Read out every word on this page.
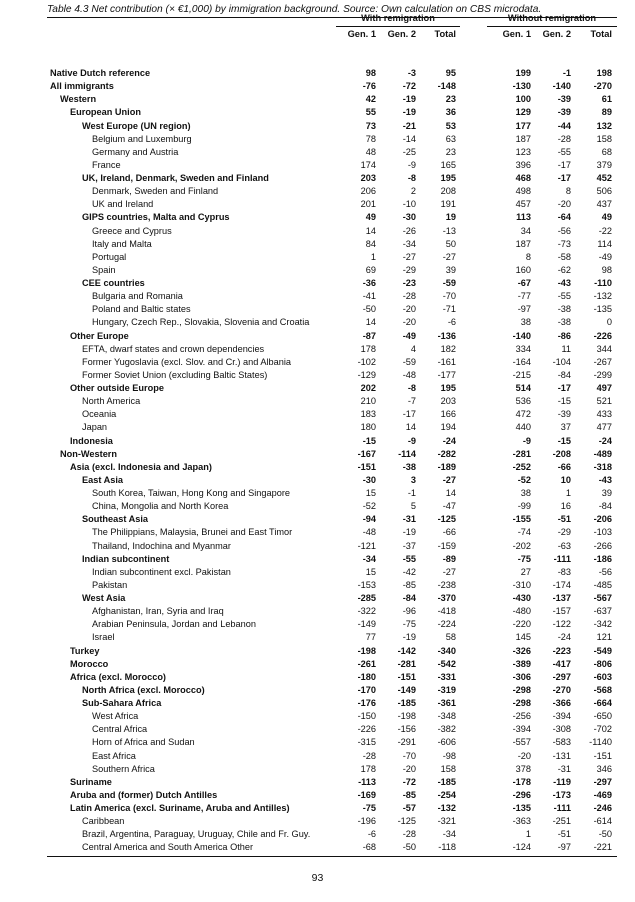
Table 4.3 Net contribution (× €1,000) by immigration background. Source: Own calculation on CBS microdata.
With remigration	Without remigration
Gen. 1	Gen. 2	Total	Gen. 1	Gen. 2	Total
Native Dutch reference	98	-3	95	199	-1	198
All immigrants	-76	-72	-148	-130	-140	-270
Western	42	-19	23	100	-39	61
European Union	55	-19	36	129	-39	89
West Europe (UN region)	73	-21	53	177	-44	132
Belgium and Luxemburg	78	-14	63	187	-28	158
Germany and Austria	48	-25	23	123	-55	68
France	174	-9	165	396	-17	379
UK, Ireland, Denmark, Sweden and Finland	203	-8	195	468	-17	452
Denmark, Sweden and Finland	206	2	208	498	8	506
UK and Ireland	201	-10	191	457	-20	437
GIPS countries, Malta and Cyprus	49	-30	19	113	-64	49
Greece and Cyprus	14	-26	-13	34	-56	-22
Italy and Malta	84	-34	50	187	-73	114
Portugal	1	-27	-27	8	-58	-49
Spain	69	-29	39	160	-62	98
CEE countries	-36	-23	-59	-67	-43	-110
Bulgaria and Romania	-41	-28	-70	-77	-55	-132
Poland and Baltic states	-50	-20	-71	-97	-38	-135
Hungary, Czech Rep., Slovakia, Slovenia and Croatia	14	-20	-6	38	-38	0
Other Europe	-87	-49	-136	-140	-86	-226
EFTA, dwarf states and crown dependencies	178	4	182	334	11	344
Former Yugoslavia (excl. Slov. and Cr.) and Albania	-102	-59	-161	-164	-104	-267
Former Soviet Union (excluding Baltic States)	-129	-48	-177	-215	-84	-299
Other outside Europe	202	-8	195	514	-17	497
North America	210	-7	203	536	-15	521
Oceania	183	-17	166	472	-39	433
Japan	180	14	194	440	37	477
Indonesia	-15	-9	-24	-9	-15	-24
Non-Western	-167	-114	-282	-281	-208	-489
Asia (excl. Indonesia and Japan)	-151	-38	-189	-252	-66	-318
East Asia	-30	3	-27	-52	10	-43
South Korea, Taiwan, Hong Kong and Singapore	15	-1	14	38	1	39
China, Mongolia and North Korea	-52	5	-47	-99	16	-84
Southeast Asia	-94	-31	-125	-155	-51	-206
The Philippians, Malaysia, Brunei and East Timor	-48	-19	-66	-74	-29	-103
Thailand, Indochina and Myanmar	-121	-37	-159	-202	-63	-266
Indian subcontinent	-34	-55	-89	-75	-111	-186
Indian subcontinent excl. Pakistan	15	-42	-27	27	-83	-56
Pakistan	-153	-85	-238	-310	-174	-485
West Asia	-285	-84	-370	-430	-137	-567
Afghanistan, Iran, Syria and Iraq	-322	-96	-418	-480	-157	-637
Arabian Peninsula, Jordan and Lebanon	-149	-75	-224	-220	-122	-342
Israel	77	-19	58	145	-24	121
Turkey	-198	-142	-340	-326	-223	-549
Morocco	-261	-281	-542	-389	-417	-806
Africa (excl. Morocco)	-180	-151	-331	-306	-297	-603
North Africa (excl. Morocco)	-170	-149	-319	-298	-270	-568
Sub-Sahara Africa	-176	-185	-361	-298	-366	-664
West Africa	-150	-198	-348	-256	-394	-650
Central Africa	-226	-156	-382	-394	-308	-702
Horn of Africa and Sudan	-315	-291	-606	-557	-583	-1140
East Africa	-28	-70	-98	-20	-131	-151
Southern Africa	178	-20	158	378	-31	346
Suriname	-113	-72	-185	-178	-119	-297
Aruba and (former) Dutch Antilles	-169	-85	-254	-296	-173	-469
Latin America (excl. Suriname, Aruba and Antilles)	-75	-57	-132	-135	-111	-246
Caribbean	-196	-125	-321	-363	-251	-614
Brazil, Argentina, Paraguay, Uruguay, Chile and Fr. Guy.	-6	-28	-34	1	-51	-50
Central America and South America Other	-68	-50	-118	-124	-97	-221
93
